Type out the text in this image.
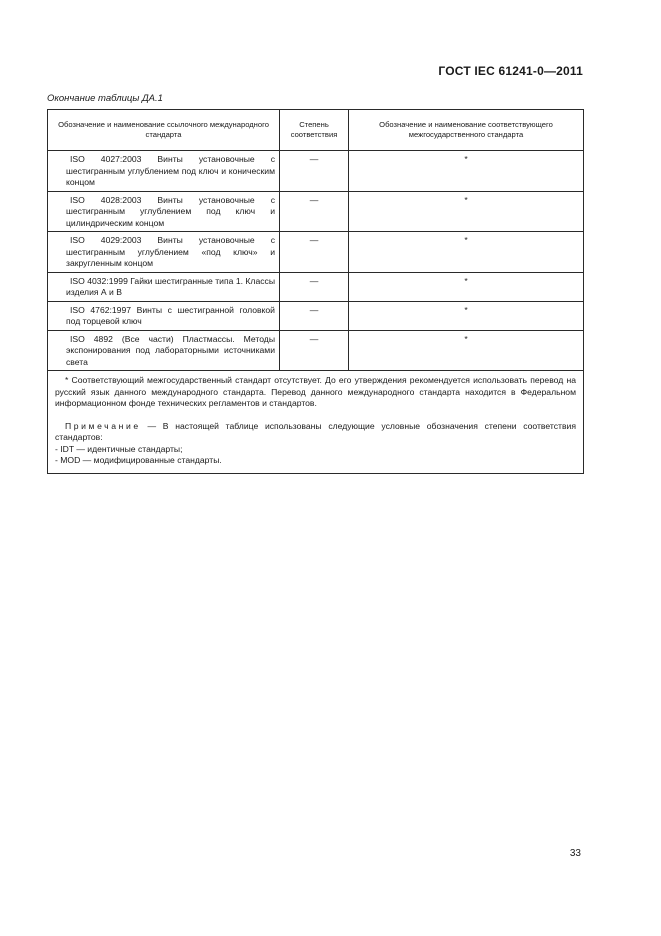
ГОСТ IEC 61241-0—2011
Окончание таблицы ДА.1
Обозначение и наименование ссылочного международного стандарта	Степень соответствия	Обозначение и наименование соответствующего межгосударственного стандарта
ISO 4027:2003 Винты установочные с шестигранным углублением под ключ и коническим концом	—	*
ISO 4028:2003 Винты установочные с шестигранным углублением под ключ и цилиндрическим концом	—	*
ISO 4029:2003 Винты установочные с шестигранным углублением «под ключ» и закругленным концом	—	*
ISO 4032:1999 Гайки шестигранные типа 1. Классы изделия А и В	—	*
ISO 4762:1997 Винты с шестигранной головкой под торцевой ключ	—	*
ISO 4892 (Все части) Пластмассы. Методы экспонирования под лабораторными источниками света	—	*

* Соответствующий межгосударственный стандарт отсутствует. До его утверждения рекомендуется использовать перевод на русский язык данного международного стандарта. Перевод данного международного стандарта находится в Федеральном информационном фонде технических регламентов и стандартов.
Примечание — В настоящей таблице использованы следующие условные обозначения степени соответствия стандартов:
- IDT — идентичные стандарты;
- MOD — модифицированные стандарты.		
33
